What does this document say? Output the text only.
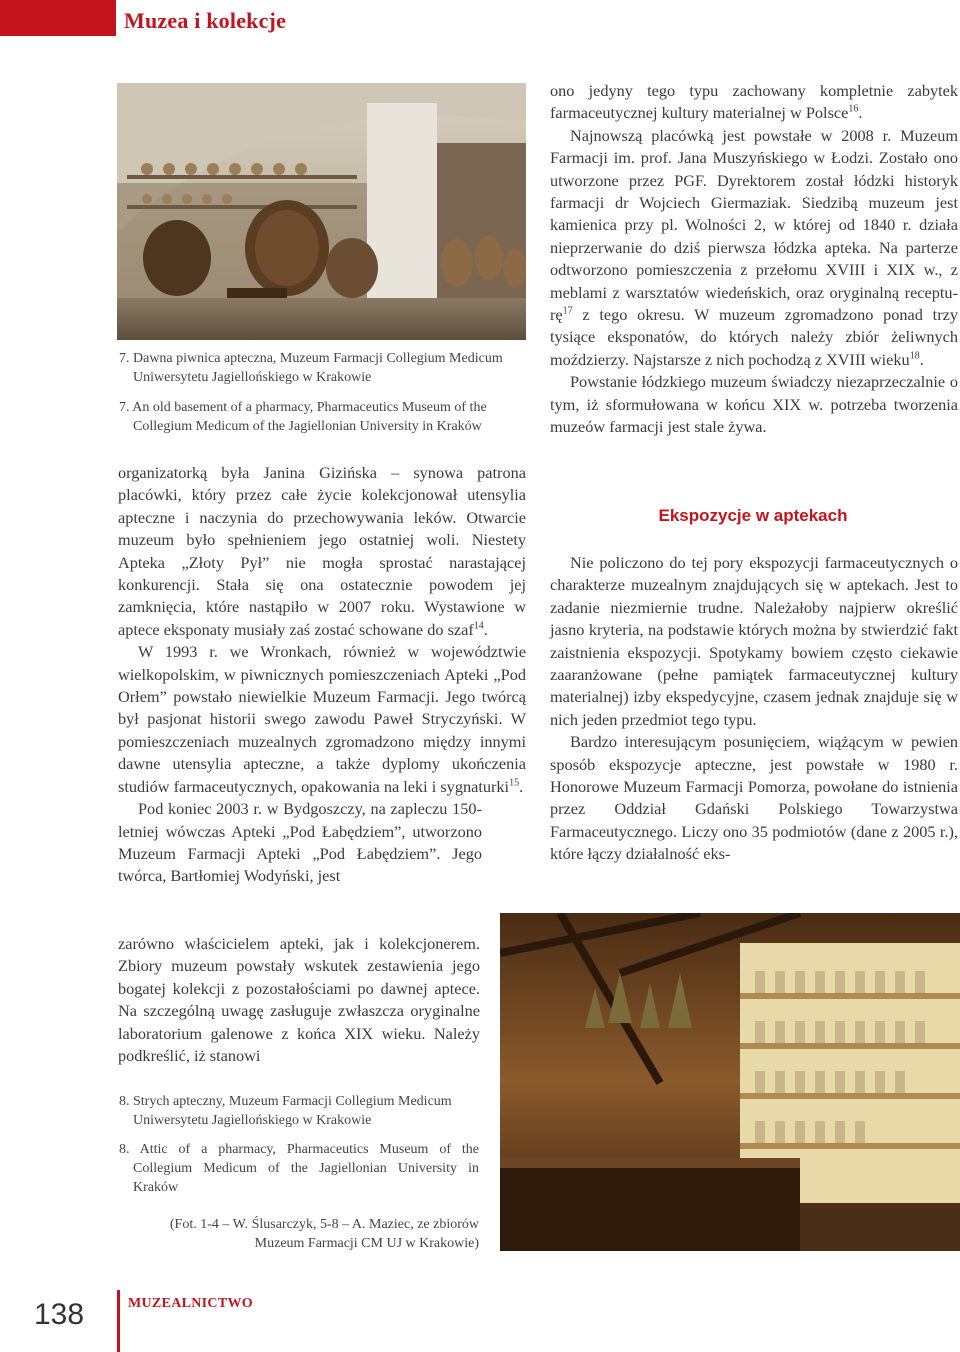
Muzea i kolekcje
7. Dawna piwnica apteczna, Muzeum Farmacji Collegium Medicum Uniwersytetu Jagiellońskiego w Krakowie
7. An old basement of a pharmacy, Pharmaceutics Museum of the Collegium Medicum of the Jagiellonian University in Kraków

organizatorką była Janina Gizińska – synowa patrona placówki, który przez całe życie kolekcjonował utensylia apteczne i naczynia do przechowywania leków. Otwarcie muzeum było spełnieniem jego ostatniej woli. Niestety Apteka „Złoty Pył” nie mogła sprostać narastającej konkurencji. Stała się ona ostatecznie powodem jej zamknięcia, które nastąpiło w 2007 roku. Wystawione w aptece eksponaty musiały zaś zostać schowane do szaf$^{14}$.

W 1993 r. we Wronkach, również w województwie wielkopolskim, w piwnicznych pomieszczeniach Apteki „Pod Orłem” powstało niewielkie Muzeum Farmacji. Jego twórcą był pasjonat historii swego zawodu Paweł Stryczyński. W pomieszczeniach muzealnych zgromadzono między innymi dawne utensylia apteczne, a także dyplomy ukończenia studiów farmaceutycznych, opakowania na leki i sygnaturki$^{15}$.

Pod koniec 2003 r. w Bydgoszczy, na zapleczu 150-letniej wówczas Apteki „Pod Łabędziem”, utworzono Muzeum Farmacji Apteki „Pod Łabędziem”. Jego twórca, Bartłomiej Wodyński, jest

zarówno właścicielem apteki, jak i kolekcjonerem. Zbiory muzeum powstały wskutek zestawienia jego bogatej kolekcji z pozostałościami po dawnej aptece. Na szczególną uwagę zasługuje zwłaszcza oryginalne laboratorium galenowe z końca XIX wieku. Należy podkreślić, iż stanowi

ono jedyny tego typu zachowany kompletnie zabytek farmaceutycznej kultury materialnej w Polsce$^{16}$.

Najnowszą placówką jest powstałe w 2008 r. Muzeum Farmacji im. prof. Jana Muszyńskiego w Łodzi. Zostało ono utworzone przez PGF. Dyrektorem został łódzki historyk farmacji dr Wojciech Giermaziak. Siedzibą muzeum jest kamienica przy pl. Wolności 2, w której od 1840 r. działa nieprzerwanie do dziś pierwsza łódzka apteka. Na parterze odtworzono pomieszczenia z przełomu XVIII i XIX w., z meblami z warsztatów wiedeńskich, oraz oryginalną recepturę$^{17}$ z tego okresu. W muzeum zgromadzono ponad trzy tysiące eksponatów, do których należy zbiór żeliwnych moździerzy. Najstarsze z nich pochodzą z XVIII wieku$^{18}$.

Powstanie łódzkiego muzeum świadczy niezaprzeczalnie o tym, iż sformułowana w końcu XIX w. potrzeba tworzenia muzeów farmacji jest stale żywa.

Ekspozycje w aptekach

Nie policzono do tej pory ekspozycji farmaceutycznych o charakterze muzealnym znajdujących się w aptekach. Jest to zadanie niezmiernie trudne. Należałoby najpierw określić jasno kryteria, na podstawie których można by stwierdzić fakt zaistnienia ekspozycji. Spotykamy bowiem często ciekawie zaaranżowane (pełne pamiątek farmaceutycznej kultury materialnej) izby ekspedycyjne, czasem jednak znajduje się w nich jeden przedmiot tego typu.

Bardzo interesującym posunięciem, wiążącym w pewien sposób ekspozycje apteczne, jest powstałe w 1980 r. Honorowe Muzeum Farmacji Pomorza, powołane do istnienia przez Oddział Gdański Polskiego Towarzystwa Farmaceutycznego. Liczy ono 35 podmiotów (dane z 2005 r.), które łączy działalność eks-

8. Strych apteczny, Muzeum Farmacji Collegium Medicum Uniwersytetu Jagiellońskiego w Krakowie
8. Attic of a pharmacy, Pharmaceutics Museum of the Collegium Medicum of the Jagiellonian University in Kraków
(Fot. 1-4 – W. Ślusarczyk, 5-8 – A. Maziec, ze zbiorów
Muzeum Farmacji CM UJ w Krakowie)
138	MUZEALNICTWO
